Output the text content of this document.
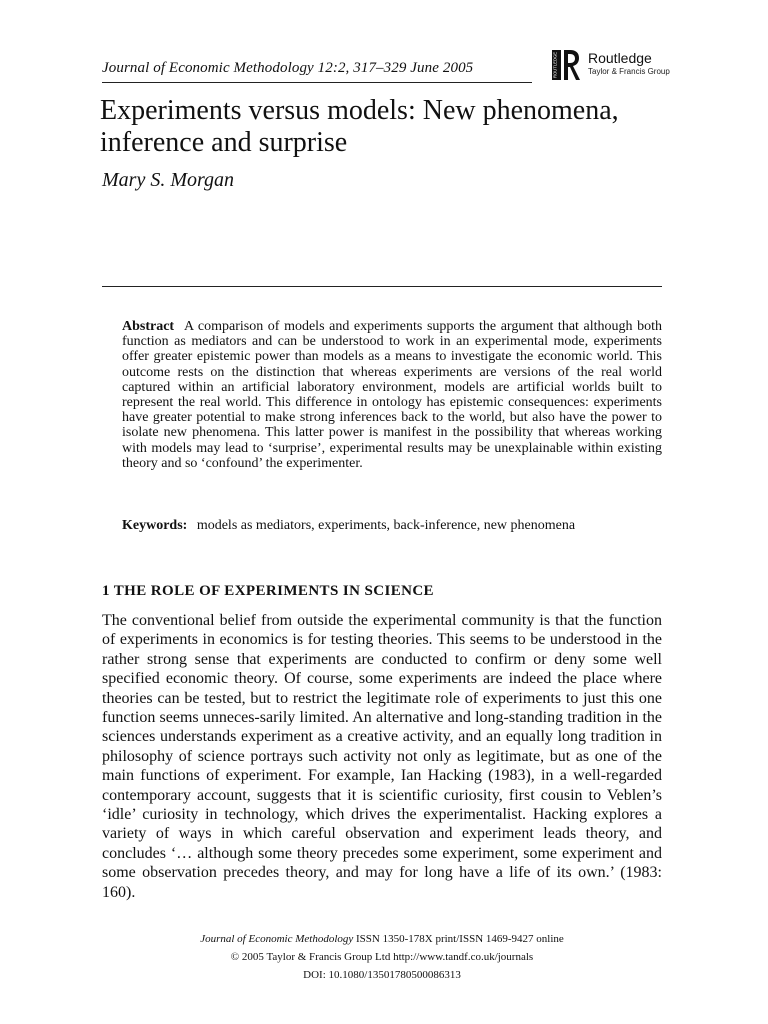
Journal of Economic Methodology 12:2, 317–329 June 2005	ROUTLEDGE Routledge
Taylor & Francis Group
Experiments versus models: New phenomena, inference and surprise
Mary S. Morgan

Abstract A comparison of models and experiments supports the argument that although both function as mediators and can be understood to work in an experimental mode, experiments offer greater epistemic power than models as a means to investigate the economic world. This outcome rests on the distinction that whereas experiments are versions of the real world captured within an artificial laboratory environment, models are artificial worlds built to represent the real world. This difference in ontology has epistemic consequences: experiments have greater potential to make strong inferences back to the world, but also have the power to isolate new phenomena. This latter power is manifest in the possibility that whereas working with models may lead to ‘surprise’, experimental results may be unexplainable within existing theory and so ‘confound’ the experimenter.

Keywords: models as mediators, experiments, back-inference, new phenomena

1 THE ROLE OF EXPERIMENTS IN SCIENCE

The conventional belief from outside the experimental community is that the function of experiments in economics is for testing theories. This seems to be understood in the rather strong sense that experiments are conducted to confirm or deny some well specified economic theory. Of course, some experiments are indeed the place where theories can be tested, but to restrict the legitimate role of experiments to just this one function seems unneces-sarily limited. An alternative and long-standing tradition in the sciences understands experiment as a creative activity, and an equally long tradition in philosophy of science portrays such activity not only as legitimate, but as one of the main functions of experiment. For example, Ian Hacking (1983), in a well-regarded contemporary account, suggests that it is scientific curiosity, first cousin to Veblen’s ‘idle’ curiosity in technology, which drives the experimentalist. Hacking explores a variety of ways in which careful observation and experiment leads theory, and concludes ‘… although some theory precedes some experiment, some experiment and some observation precedes theory, and may for long have a life of its own.’ (1983: 160).

Journal of Economic Methodology ISSN 1350-178X print/ISSN 1469-9427 online
© 2005 Taylor & Francis Group Ltd http://www.tandf.co.uk/journals
DOI: 10.1080/13501780500086313
